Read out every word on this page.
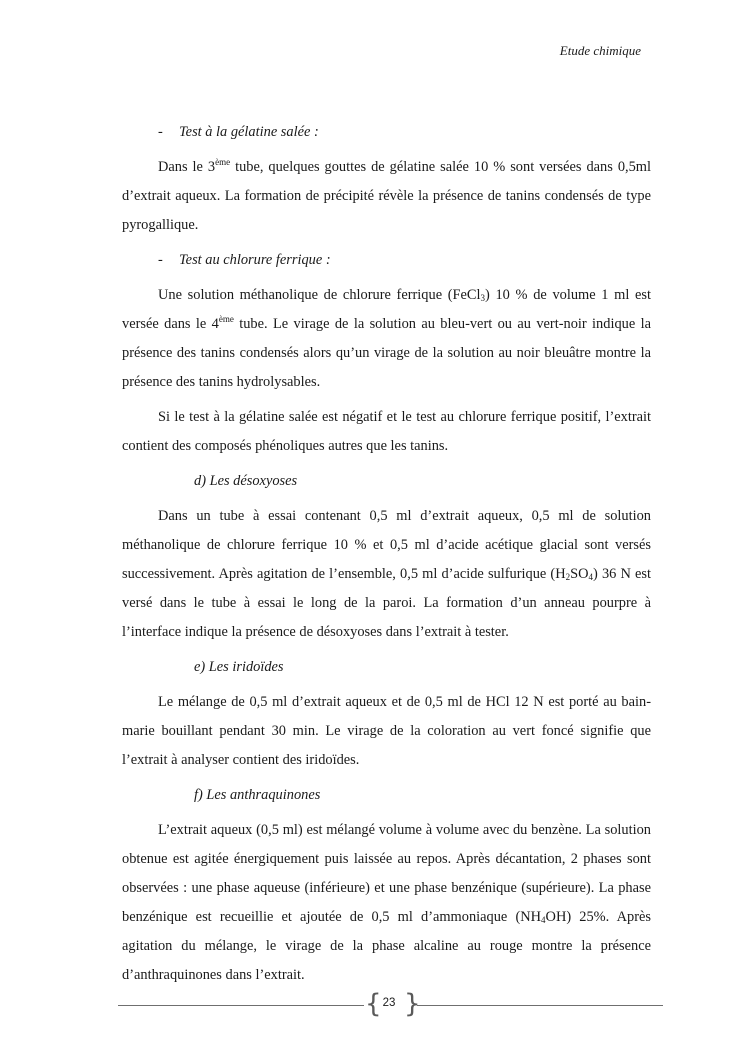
Etude chimique
- Test à la gélatine salée :

Dans le 3ème tube, quelques gouttes de gélatine salée 10 % sont versées dans 0,5ml d’extrait aqueux. La formation de précipité révèle la présence de tanins condensés de type pyrogallique.

- Test au chlorure ferrique :

Une solution méthanolique de chlorure ferrique (FeCl$_3$) 10 % de volume 1 ml est versée dans le 4ème tube. Le virage de la solution au bleu-vert ou au vert-noir indique la présence des tanins condensés alors qu’un virage de la solution au noir bleuâtre montre la présence des tanins hydrolysables.

Si le test à la gélatine salée est négatif et le test au chlorure ferrique positif, l’extrait contient des composés phénoliques autres que les tanins.

d) Les désoxyoses

Dans un tube à essai contenant 0,5 ml d’extrait aqueux, 0,5 ml de solution méthanolique de chlorure ferrique 10 % et 0,5 ml d’acide acétique glacial sont versés successivement. Après agitation de l’ensemble, 0,5 ml d’acide sulfurique $(H_2SO_4)$ 36 N est versé dans le tube à essai le long de la paroi. La formation d’un anneau pourpre à l’interface indique la présence de désoxyoses dans l’extrait à tester.

e) Les iridoïdes

Le mélange de 0,5 ml d’extrait aqueux et de 0,5 ml de HCl 12 N est porté au bain-marie bouillant pendant 30 min. Le virage de la coloration au vert foncé signifie que l’extrait à analyser contient des iridoïdes.

f) Les anthraquinones

L’extrait aqueux (0,5 ml) est mélangé volume à volume avec du benzène. La solution obtenue est agitée énergiquement puis laissée au repos. Après décantation, 2 phases sont observées : une phase aqueuse (inférieure) et une phase benzénique (supérieure). La phase benzénique est recueillie et ajoutée de 0,5 ml d’ammoniaque $(NH_4OH)$ 25%. Après agitation du mélange, le virage de la phase alcaline au rouge montre la présence d’anthraquinones dans l’extrait.

{ 23 }
